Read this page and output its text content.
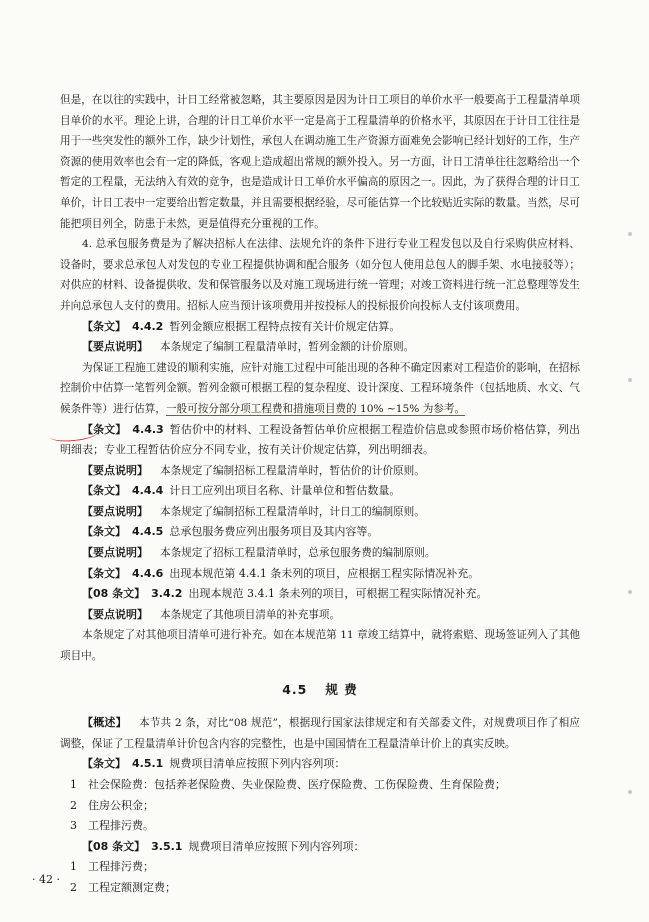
但是，在以往的实践中，计日工经常被忽略，其主要原因是因为计日工项目的单价水平一般要高于工程量清单项目单价的水平。理论上讲，合理的计日工单价水平一定是高于工程量清单的价格水平，其原因在于计日工往往是用于一些突发性的额外工作，缺少计划性，承包人在调动施工生产资源方面难免会影响已经计划好的工作，生产资源的使用效率也会有一定的降低，客观上造成超出常规的额外投入。另一方面，计日工清单往往忽略给出一个暂定的工程量，无法纳入有效的竞争，也是造成计日工单价水平偏高的原因之一。因此，为了获得合理的计日工单价，计日工表中一定要给出暂定数量，并且需要根据经验，尽可能估算一个比较贴近实际的数量。当然，尽可能把项目列全，防患于未然，更是值得充分重视的工作。

4. 总承包服务费是为了解决招标人在法律、法规允许的条件下进行专业工程发包以及自行采购供应材料、设备时，要求总承包人对发包的专业工程提供协调和配合服务（如分包人使用总包人的脚手架、水电接驳等）；对供应的材料、设备提供收、发和保管服务以及对施工现场进行统一管理；对竣工资料进行统一汇总整理等发生并向总承包人支付的费用。招标人应当预计该项费用并按投标人的投标报价向投标人支付该项费用。

【条文】 4.4.2 暂列金额应根据工程特点按有关计价规定估算。

【要点说明】 本条规定了编制工程量清单时，暂列金额的计价原则。

为保证工程施工建设的顺利实施，应针对施工过程中可能出现的各种不确定因素对工程造价的影响，在招标控制价中估算一笔暂列金额。暂列金额可根据工程的复杂程度、设计深度、工程环境条件（包括地质、水文、气候条件等）进行估算，一般可按分部分项工程费和措施项目费的 10% ~15% 为参考。

【条文】 4.4.3 暂估价中的材料、工程设备暂估单价应根据工程造价信息或参照市场价格估算，列出明细表；专业工程暂估价应分不同专业，按有关计价规定估算，列出明细表。

【要点说明】 本条规定了编制招标工程量清单时，暂估价的计价原则。

【条文】 4.4.4 计日工应列出项目名称、计量单位和暂估数量。

【要点说明】 本条规定了编制招标工程量清单时，计日工的编制原则。

【条文】 4.4.5 总承包服务费应列出服务项目及其内容等。

【要点说明】 本条规定了招标工程量清单时，总承包服务费的编制原则。

【条文】 4.4.6 出现本规范第 4.4.1 条未列的项目，应根据工程实际情况补充。

【08 条文】 3.4.2 出现本规范 3.4.1 条未列的项目，可根据工程实际情况补充。

【要点说明】 本条规定了其他项目清单的补充事项。

本条规定了对其他项目清单可进行补充。如在本规范第 11 章竣工结算中，就将索赔、现场签证列入了其他项目中。

4.5 规 费

【概述】 本节共 2 条，对比“08 规范”，根据现行国家法律规定和有关部委文件，对规费项目作了相应调整，保证了工程量清单计价包含内容的完整性，也是中国国情在工程量清单计价上的真实反映。

【条文】 4.5.1 规费项目清单应按照下列内容列项：

1 社会保险费：包括养老保险费、失业保险费、医疗保险费、工伤保险费、生育保险费；

2 住房公积金；

3 工程排污费。

【08 条文】 3.5.1 规费项目清单应按照下列内容列项：

1 工程排污费；

2 工程定额测定费；

· 42 ·
